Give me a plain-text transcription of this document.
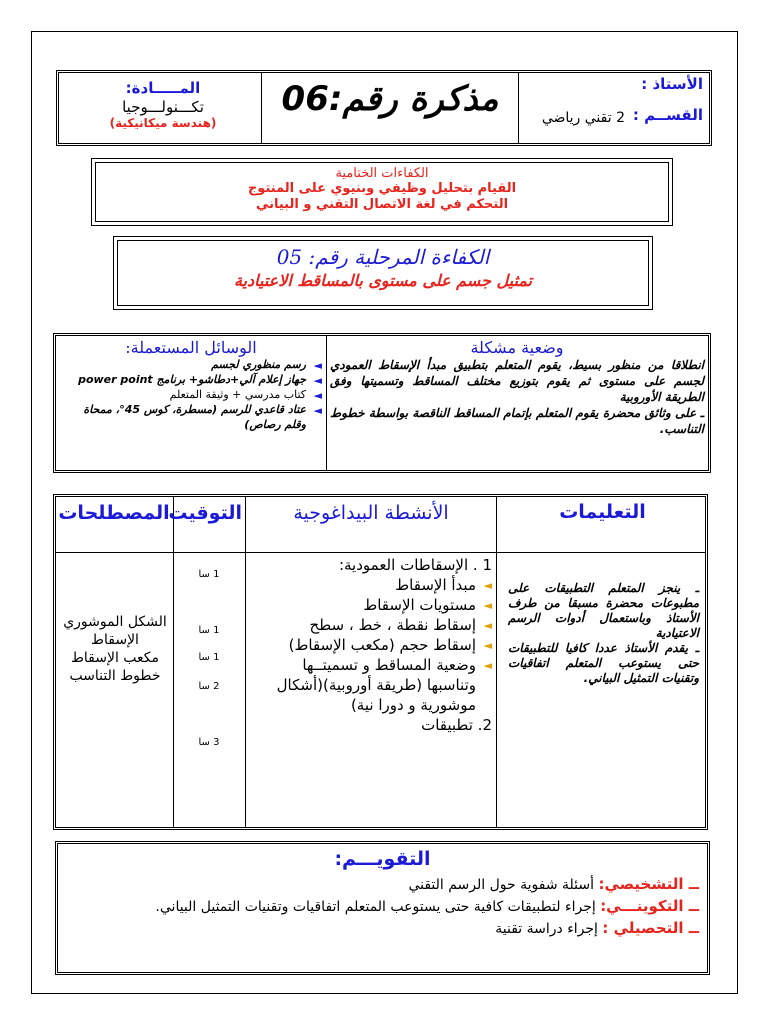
الأستاذ :
القســم :
2 تقني رياضي
مذكرة رقم:06
المـــــادة:
تكـــنولـــوجيا
(هندسة ميكانيكية)
الكفاءات الختامية
القيام بتحليل وظيفي وبنيوي على المنتوج
التحكم في لغة الاتصال التقني و البياني
الكفاءة المرحلية رقم: 05
تمثيل جسم على مستوى بالمساقط الاعتيادية
وضعية مشكلة
انطلاقا من منظور بسيط، يقوم المتعلم بتطبيق مبدأ الإسقاط العمودي لجسم على مستوى ثم يقوم بتوزيع مختلف المساقط وتسميتها وفق الطريقة الأوروبية
ـ على وثائق محضرة يقوم المتعلم بإتمام المساقط الناقصة بواسطة خطوط التناسب.
الوسائل المستعملة:
◄ رسم منظوري لجسم
◄ جهاز إعلام آلي+دطاشو+ برنامج power point
◄ كتاب مدرسي + وثيقة المتعلم
◄ عتاد قاعدي للرسم (مسطرة، كوس 45°، ممحاة وقلم رصاص)
التعليمات
الأنشطة البيداغوجية
التوقيت
المصطلحات
ـ ينجز المتعلم التطبيقات على مطبوعات محضرة مسبقا من طرف الأستاذ وباستعمال أدوات الرسم الاعتيادية
ـ يقدم الأستاذ عددا كافيا للتطبيقات حتى يستوعب المتعلم اتفاقيات وتقنيات التمثيل البياني.
1 . الإسقاطات العمودية:
◄ مبدأ الإسقاط
◄ مستويات الإسقاط
◄ إسقاط نقطة ، خط ، سطح
◄ إسقاط حجم (مكعب الإسقاط)
◄ وضعية المساقط و تسميتــها وتناسبها (طريقة أوروبية)(أشكال موشورية و دورا نية)
2. تطبيقات
1 سا
1 سا
1 سا
2 سا
3 سا
الشكل الموشوري
الإسقاط
مكعب الإسقاط
خطوط التناسب
التقويـــم:
ــ التشخيصي: أسئلة شفوية حول الرسم التقني
ــ التكوينـــي: إجراء لتطبيقات كافية حتى يستوعب المتعلم اتفاقيات وتقنيات التمثيل البياني.
ــ التحصيلي : إجراء دراسة تقنية
